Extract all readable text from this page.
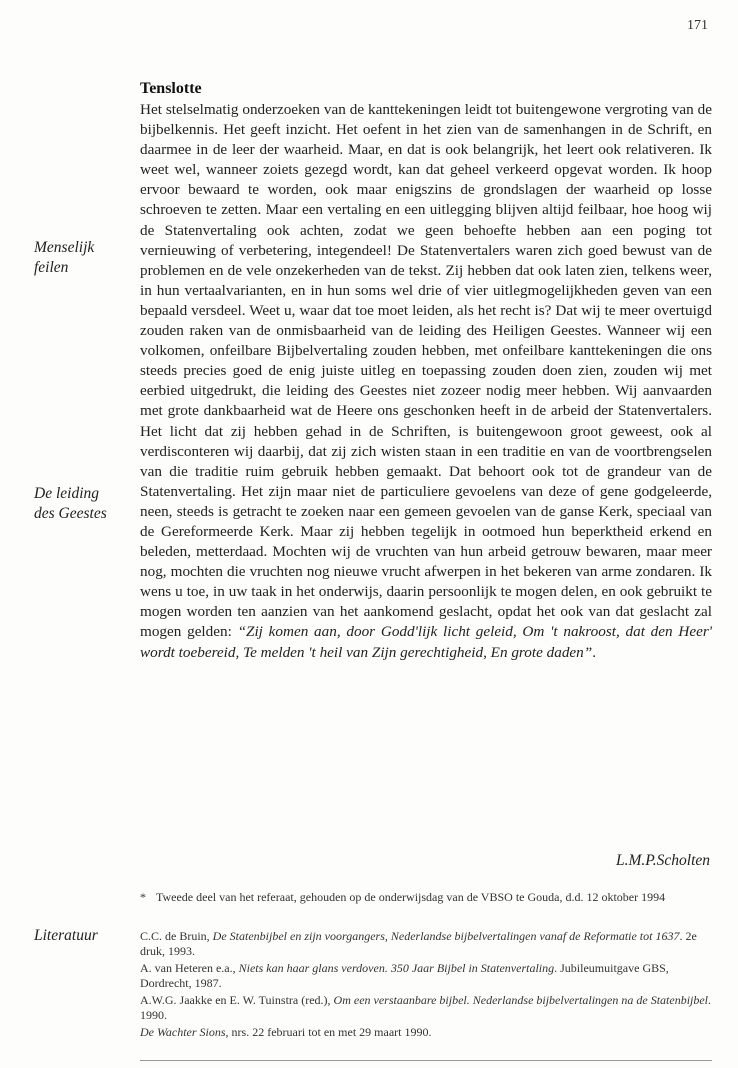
171
Tenslotte

Het stelselmatig onderzoeken van de kanttekeningen leidt tot buitengewone vergroting van de bijbelkennis. Het geeft inzicht. Het oefent in het zien van de samenhangen in de Schrift, en daarmee in de leer der waarheid. Maar, en dat is ook belangrijk, het leert ook relativeren. Ik weet wel, wanneer zoiets gezegd wordt, kan dat geheel verkeerd opgevat worden. Ik hoop ervoor bewaard te worden, ook maar enigszins de grondslagen der waarheid op losse schroeven te zetten. Maar een vertaling en een uitlegging blijven altijd feilbaar, hoe hoog wij de Statenvertaling ook achten, zodat we geen behoefte hebben aan een poging tot vernieuwing of verbetering, integendeel! De Statenvertalers waren zich goed bewust van de problemen en de vele onzekerheden van de tekst. Zij hebben dat ook laten zien, telkens weer, in hun vertaalvarianten, en in hun soms wel drie of vier uitlegmogelijkheden geven van een bepaald versdeel. Weet u, waar dat toe moet leiden, als het recht is? Dat wij te meer overtuigd zouden raken van de onmisbaarheid van de leiding des Heiligen Geestes. Wanneer wij een volkomen, onfeilbare Bijbelvertaling zouden hebben, met onfeilbare kanttekeningen die ons steeds precies goed de enig juiste uitleg en toepassing zouden doen zien, zouden wij met eerbied uitgedrukt, die leiding des Geestes niet zozeer nodig meer hebben. Wij aanvaarden met grote dankbaarheid wat de Heere ons geschonken heeft in de arbeid der Statenvertalers. Het licht dat zij hebben gehad in de Schriften, is buitengewoon groot geweest, ook al verdisconteren wij daarbij, dat zij zich wisten staan in een traditie en van de voortbrengselen van die traditie ruim gebruik hebben gemaakt. Dat behoort ook tot de grandeur van de Statenvertaling. Het zijn maar niet de particuliere gevoelens van deze of gene godgeleerde, neen, steeds is getracht te zoeken naar een gemeen gevoelen van de ganse Kerk, speciaal van de Gereformeerde Kerk. Maar zij hebben tegelijk in ootmoed hun beperktheid erkend en beleden, metterdaad. Mochten wij de vruchten van hun arbeid getrouw bewaren, maar meer nog, mochten die vruchten nog nieuwe vrucht afwerpen in het bekeren van arme zondaren. Ik wens u toe, in uw taak in het onderwijs, daarin persoonlijk te mogen delen, en ook gebruikt te mogen worden ten aanzien van het aankomend geslacht, opdat het ook van dat geslacht zal mogen gelden: “Zij komen aan, door Godd'lijk licht geleid, Om 't nakroost, dat den Heer' wordt toebereid, Te melden 't heil van Zijn gerechtigheid, En grote daden”.

L.M.P.Scholten
Menselijk
feilen
De leiding
des Geestes
Literatuur
* Tweede deel van het referaat, gehouden op de onderwijsdag van de VBSO te Gouda, d.d. 12 oktober 1994
C.C. de Bruin, De Statenbijbel en zijn voorgangers, Nederlandse bijbelvertalingen vanaf de Reformatie tot 1637. 2e druk, 1993.
A. van Heteren e.a., Niets kan haar glans verdoven. 350 Jaar Bijbel in Statenvertaling. Jubileumuitgave GBS, Dordrecht, 1987.
A.W.G. Jaakke en E. W. Tuinstra (red.), Om een verstaanbare bijbel. Nederlandse bijbelvertalingen na de Statenbijbel. 1990.
De Wachter Sions, nrs. 22 februari tot en met 29 maart 1990.
